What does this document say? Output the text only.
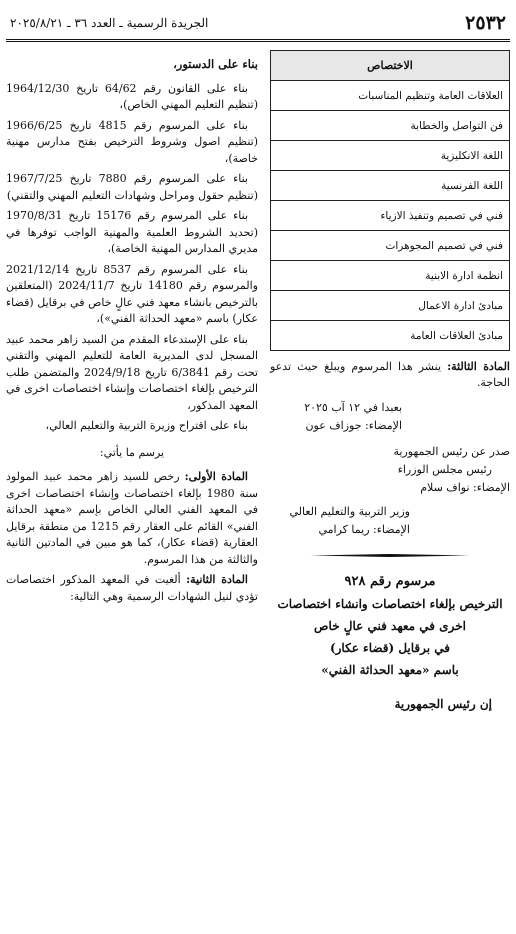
٢٥٣٢
الجريدة الرسمية ـ العدد ٣٦ ـ ٢٠٢٥/٨/٢١

بناء على الدستور،

بناء على القانون رقم 64/62 تاريخ 1964/12/30 (تنظيم التعليم المهني الخاص)،

بناء على المرسوم رقم 4815 تاريخ 1966/6/25 (تنظيم اصول وشروط الترخيص بفتح مدارس مهنية خاصة)،

بناء على المرسوم رقم 7880 تاريخ 1967/7/25 (تنظيم حقول ومراحل وشهادات التعليم المهني والتقني)

بناء على المرسوم رقم 15176 تاريخ 1970/8/31 (تحديد الشروط العلمية والمهنية الواجب توفرها في مديري المدارس المهنية الخاصة)،

بناء على المرسوم رقم 8537 تاريخ 2021/12/14 والمرسوم رقم 14180 تاريخ 2024/11/7 (المتعلقين بالترخيص بانشاء معهد فني عالٍ خاص في برقايل (قضاء عكار) باسم «معهد الحداثة الفني»)،

بناء على الإستدعاء المقدم من السيد زاهر محمد عبيد المسجل لدى المديرية العامة للتعليم المهني والتقني تحت رقم 6/3841 تاريخ 2024/9/18 والمتضمن طلب الترخيص بإلغاء اختصاصات وإنشاء اختصاصات اخرى في المعهد المذكور،

بناء على اقتراح وزيرة التربية والتعليم العالي،

يرسم ما يأتي:

المادة الأولى: رخص للسيد زاهر محمد عبيد المولود سنة 1980 بإلغاء اختصاصات وإنشاء اختصاصات اخرى في المعهد الفني العالي الخاص بإسم «معهد الحداثة الفني» القائم على العقار رقم 1215 من منطقة برقايل العقارية (قضاء عكار)، كما هو مبين في المادتين الثانية والثالثة من هذا المرسوم.

المادة الثانية: ألغيت في المعهد المذكور اختصاصات تؤدي لنيل الشهادات الرسمية وهي التالية:

الاختصاص
العلاقات العامة وتنظيم المناسبات
فن التواصل والخطابة
اللغة الانكليزية
اللغة الفرنسية
فني في تصميم وتنفيذ الازياء
فني في تصميم المجوهرات
انظمة ادارة الابنية
مبادئ ادارة الاعمال
مبادئ العلاقات العامة

المادة الثالثة: ينشر هذا المرسوم ويبلغ حيث تدعو الحاجة.

بعبدا في ١٢ آب ٢٠٢٥
الإمضاء: جوزاف عون
صدر عن رئيس الجمهورية
رئيس مجلس الوزراء
الإمضاء: نواف سلام
وزير التربية والتعليم العالي
الإمضاء: ريما كرامي
مرسوم رقم ٩٢٨
الترخيص بإلغاء اختصاصات وانشاء اختصاصات
اخرى في معهد فني عالٍ خاص
في برقايل (قضاء عكار)
باسم «معهد الحداثة الفني»
إن رئيس الجمهورية
